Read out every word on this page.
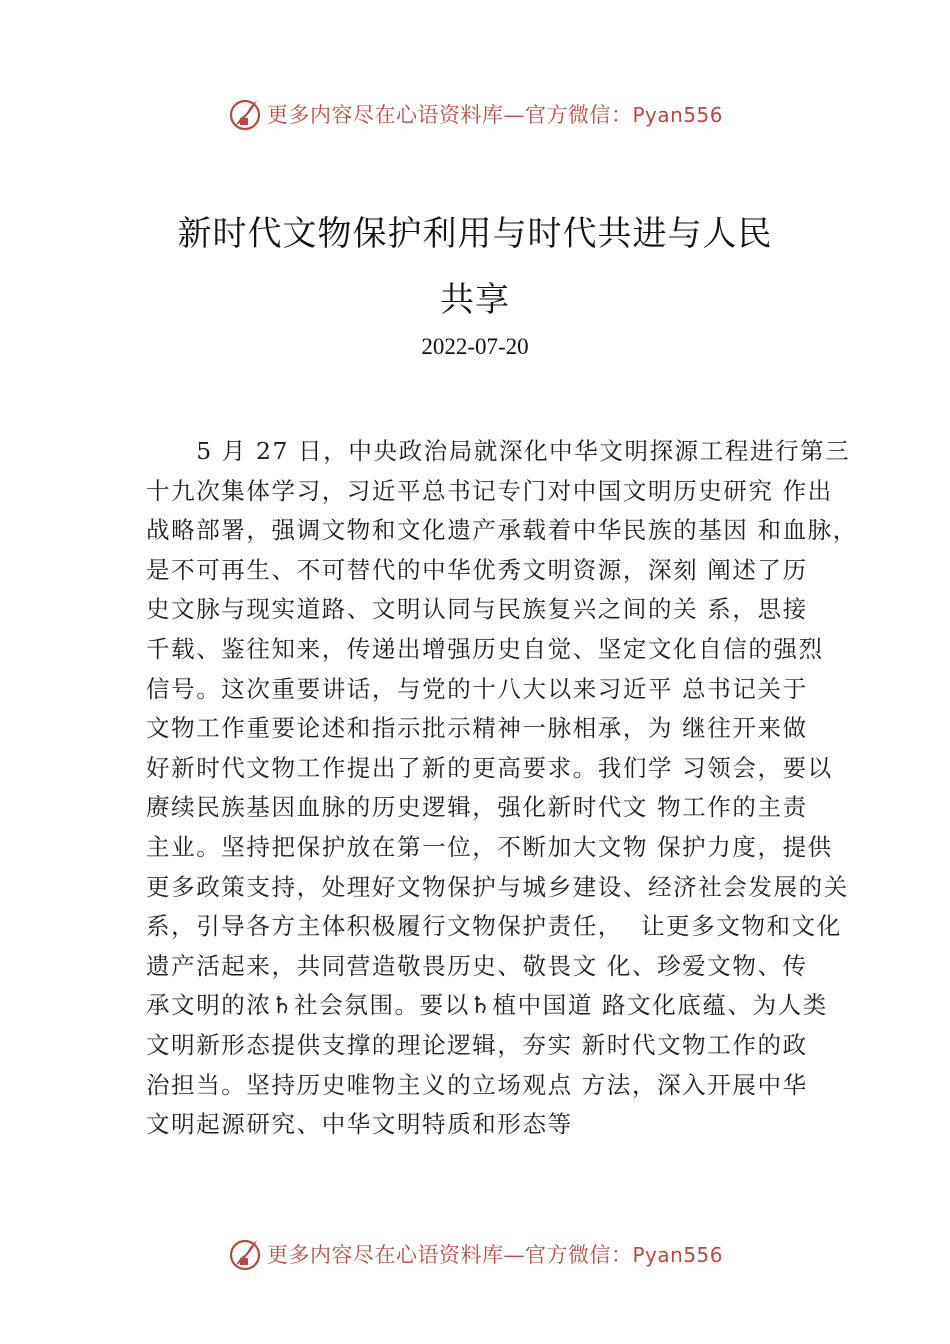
更多内容尽在心语资料库—官方微信：Pyan556
新时代文物保护利用与时代共进与人民
共享
2022-07-20
　　5 月 27 日，中央政治局就深化中华文明探源工程进行第三
十九次集体学习，习近平总书记专门对中国文明历史研究 作出
战略部署，强调文物和文化遗产承载着中华民族的基因 和血脉，
是不可再生、不可替代的中华优秀文明资源，深刻 阐述了历
史文脉与现实道路、文明认同与民族复兴之间的关 系，思接
千载、鉴往知来，传递出增强历史自觉、坚定文化自信的强烈
信号。这次重要讲话，与党的十八大以来习近平 总书记关于
文物工作重要论述和指示批示精神一脉相承，为 继往开来做
好新时代文物工作提出了新的更高要求。我们学 习领会，要以
赓续民族基因血脉的历史逻辑，强化新时代文 物工作的主责
主业。坚持把保护放在第一位，不断加大文物 保护力度，提供
更多政策支持，处理好文物保护与城乡建设、经济社会发展的关
系，引导各方主体积极履行文物保护责任，  让更多文物和文化
遗产活起来，共同营造敬畏历史、敬畏文 化、珍爱文物、传
承文明的浓♄社会氛围。要以♄植中国道 路文化底蕴、为人类
文明新形态提供支撑的理论逻辑，夯实 新时代文物工作的政
治担当。坚持历史唯物主义的立场观点 方法，深入开展中华
文明起源研究、中华文明特质和形态等
更多内容尽在心语资料库—官方微信：Pyan556
